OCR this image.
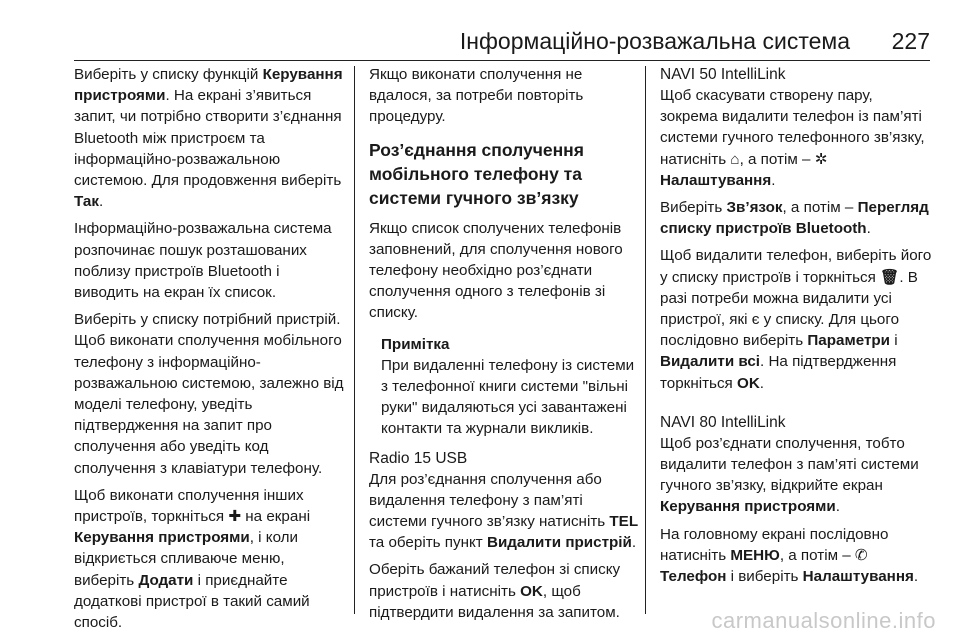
Інформаційно-розважальна система 227

Виберіть у списку функцій Керування пристроями. На екрані з’явиться запит, чи потрібно створити з’єднання Bluetooth між пристроєм та інформаційно-розважальною системою. Для продовження виберіть Так.

Інформаційно-розважальна система розпочинає пошук розташованих поблизу пристроїв Bluetooth і виводить на екран їх список.

Виберіть у списку потрібний пристрій. Щоб виконати сполучення мобільного телефону з інформаційно-розважальною системою, залежно від моделі телефону, уведіть підтвердження на запит про сполучення або уведіть код сполучення з клавіатури телефону.

Щоб виконати сполучення інших пристроїв, торкніться ✚ на екрані Керування пристроями, і коли відкриється спливаюче меню, виберіть Додати і приєднайте додаткові пристрої в такий самий спосіб.

Якщо виконати сполучення не вдалося, за потреби повторіть процедуру.

Роз’єднання сполучення мобільного телефону та системи гучного зв’язку

Якщо список сполучених телефонів заповнений, для сполучення нового телефону необхідно роз’єднати сполучення одного з телефонів зі списку.

Примітка
При видаленні телефону із системи з телефонної книги системи "вільні руки" видаляються усі завантажені контакти та журнали викликів.
Radio 15 USB

Для роз’єднання сполучення або видалення телефону з пам’яті системи гучного зв’язку натисніть TEL та оберіть пункт Видалити пристрій.

Оберіть бажаний телефон зі списку пристроїв і натисніть OK, щоб підтвердити видалення за запитом.

NAVI 50 IntelliLink

Щоб скасувати створену пару, зокрема видалити телефон із пам’яті системи гучного телефонного зв’язку, натисніть ⌂, а потім – ✲Налаштування.

Виберіть Зв’язок, а потім – Перегляд списку пристроїв Bluetooth.

Щоб видалити телефон, виберіть його у списку пристроїв і торкніться 🗑. В разі потреби можна видалити усі пристрої, які є у списку. Для цього послідовно виберіть Параметри і Видалити всі. На підтвердження торкніться OK.

NAVI 80 IntelliLink

Щоб роз’єднати сполучення, тобто видалити телефон з пам’яті системи гучного зв’язку, відкрийте екран Керування пристроями.

На головному екрані послідовно натисніть МЕНЮ, а потім – ✆Телефон і виберіть Налаштування.

carmanualsonline.info
